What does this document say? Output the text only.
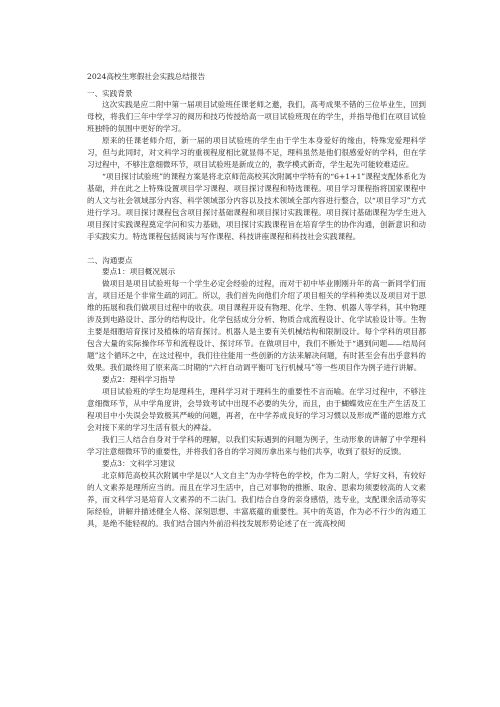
2024高校生寒假社会实践总结报告
一、实践背景

这次实践是应二附中第一届项目试验班任课老师之邀，我们，高考成果不错的三位毕业生，回到母校，将我们三年中学学习的阅历和技巧传授给高一项目试验班现在的学生，并指导他们在项目试验班独特的氛围中更好的学习。

原来的任课老师介绍，新一届的项目试验班的学生由于学生本身爱好的缘由，特殊宠爱理科学习，但与此同时，对文科学习的重视程度相比就显得不足，理科虽然是他们很感爱好的学科，但在学习过程中，不够注意细微环节，项目试验班是新成立的，教学模式新奇，学生起先可能较难适应。

“项目探讨试验班”的课程方案是将北京师范高校其次附属中学特有的“6+1+1”课程支配体系化为基础，并在此之上特殊设置项目学习课程、项目探讨课程和特选课程。项目学习课程指将国家课程中的人文与社会领域部分内容、科学领域部分内容以及技术领域全部内容进行整合，以“项目学习”方式进行学习。项目探讨课程包含项目探讨基础课程和项目探讨实践课程。项目探讨基础课程为学生进入项目探讨实践课程奠定学问和实力基础，项目探讨实践课程旨在培育学生的协作沟通，创新意识和动手实践实力。特选课程包括阅读与写作课程、科技讲座课程和科技社会实践课程。

二、沟通要点
要点1：项目概况展示

做项目是项目试验班每一个学生必定会经验的过程，而对于初中毕业刚刚升年的高一新同学们而言，项目还是个非常生疏的词汇。所以，我们首先向他们介绍了项目相关的学科种类以及项目对于思维的拓展和我们做项目过程中的收获。项目课程开设有物理、化学、生物、机器人等学科，其中物理涉及到电路设计、部分的结构设计。化学包括成分分析、物质合成流程设计、化学试验设计等。生物主要是细胞培育探讨及植株的培育探讨。机器人是主要有关机械结构和限制设计。每个学科的项目都包含大量的实际操作环节和流程设计、探讨环节。在做项目中，我们不断处于“遇到问题——结局问题”这个循环之中，在这过程中，我们往往能用一些创新的方法来解决问题，有时甚至会有出乎意料的效果。我们最终用了原来高二时期的“六杆自动调平衡可飞行机械马”等一些项目作为例子进行讲解。

要点2：理科学习指导

项目试验班的学生均是理科生，理科学习对于理科生的重要性不言而喻。在学习过程中，不够注意细微环节，从中学角度讲，会导致考试中出现不必要的失分，而且，由于蝴蝶效应在生产生活及工程项目中小失误会导致极其严峻的问题，再者，在中学养成良好的学习习惯以及形成严谨的思维方式会对接下来的学习生活有很大的裨益。

我们三人结合自身对于学科的理解，以我们实际遇到的问题为例子，生动形象的讲解了中学理科学习注意细微环节的重要性，并将我们各自的学习阅历拿出来与他们共享，收到了很好的反馈。

要点3：文科学习建议

北京师范高校其次附属中学是以“人文自主”为办学特色的学校，作为二附人，学好文科，有较好的人文素养是理所应当的。而且在学习生活中，自己对事物的推断、取舍、思索均须要较高的人文素养，而文科学习是培育人文素养的不二法门。我们结合自身的亲身感悟，选专业，支配课余活动等实际经验，讲解并描述健全人格、深刻思想、丰富底蕴的重要性。其中的英语，作为必不行少的沟通工具，是绝不能轻视的。我们结合国内外前沿科技发展形势论述了在一流高校阅
